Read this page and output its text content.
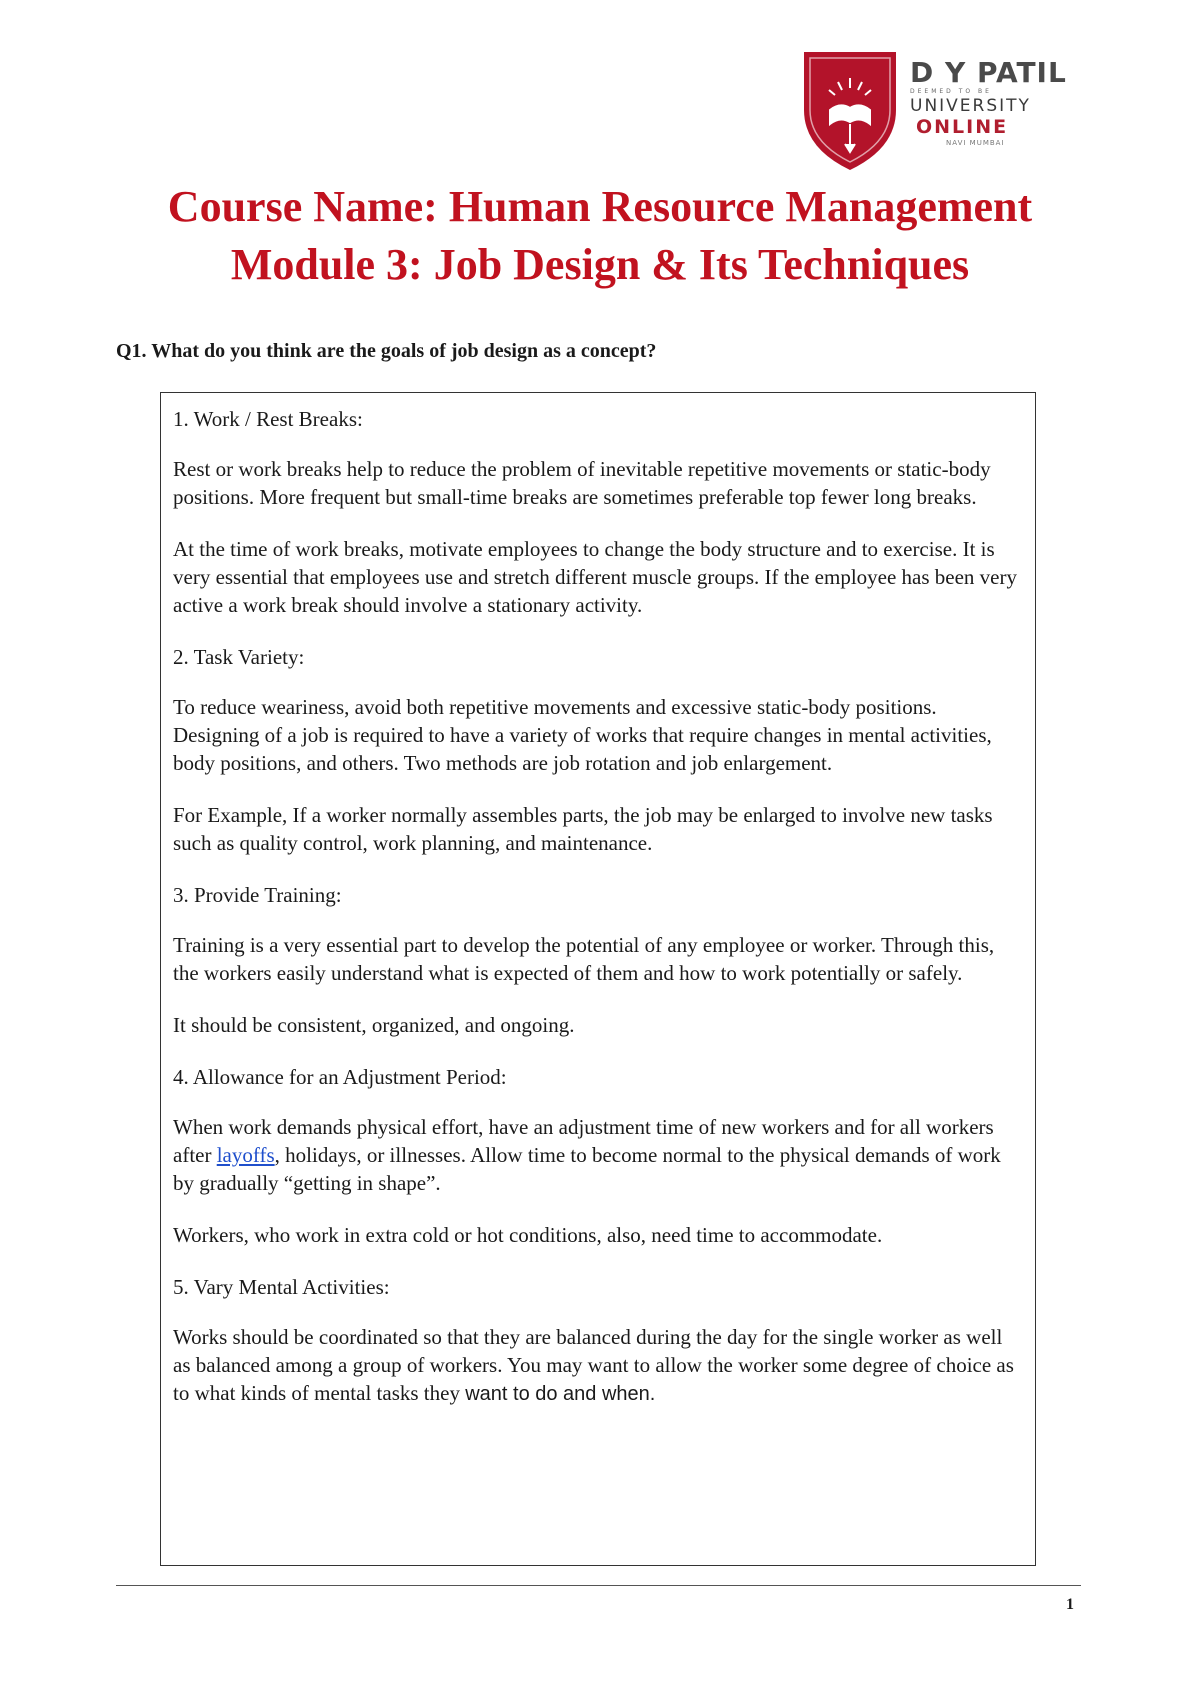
D Y PATIL
DEEMED TO BE
UNIVERSITY
ONLINE
NAVI MUMBAI
Course Name: Human Resource Management
Module 3: Job Design & Its Techniques

Q1. What do you think are the goals of job design as a concept?

1. Work / Rest Breaks:

Rest or work breaks help to reduce the problem of inevitable repetitive movements or static-body positions. More frequent but small-time breaks are sometimes preferable top fewer long breaks.

At the time of work breaks, motivate employees to change the body structure and to exercise. It is very essential that employees use and stretch different muscle groups. If the employee has been very active a work break should involve a stationary activity.

2. Task Variety:

To reduce weariness, avoid both repetitive movements and excessive static-body positions. Designing of a job is required to have a variety of works that require changes in mental activities, body positions, and others. Two methods are job rotation and job enlargement.

For Example, If a worker normally assembles parts, the job may be enlarged to involve new tasks such as quality control, work planning, and maintenance.

3. Provide Training:

Training is a very essential part to develop the potential of any employee or worker. Through this, the workers easily understand what is expected of them and how to work potentially or safely.

It should be consistent, organized, and ongoing.

4. Allowance for an Adjustment Period:

When work demands physical effort, have an adjustment time of new workers and for all workers after layoffs, holidays, or illnesses. Allow time to become normal to the physical demands of work by gradually “getting in shape”.

Workers, who work in extra cold or hot conditions, also, need time to accommodate.

5. Vary Mental Activities:

Works should be coordinated so that they are balanced during the day for the single worker as well as balanced among a group of workers. You may want to allow the worker some degree of choice as to what kinds of mental tasks they want to do and when.

1
